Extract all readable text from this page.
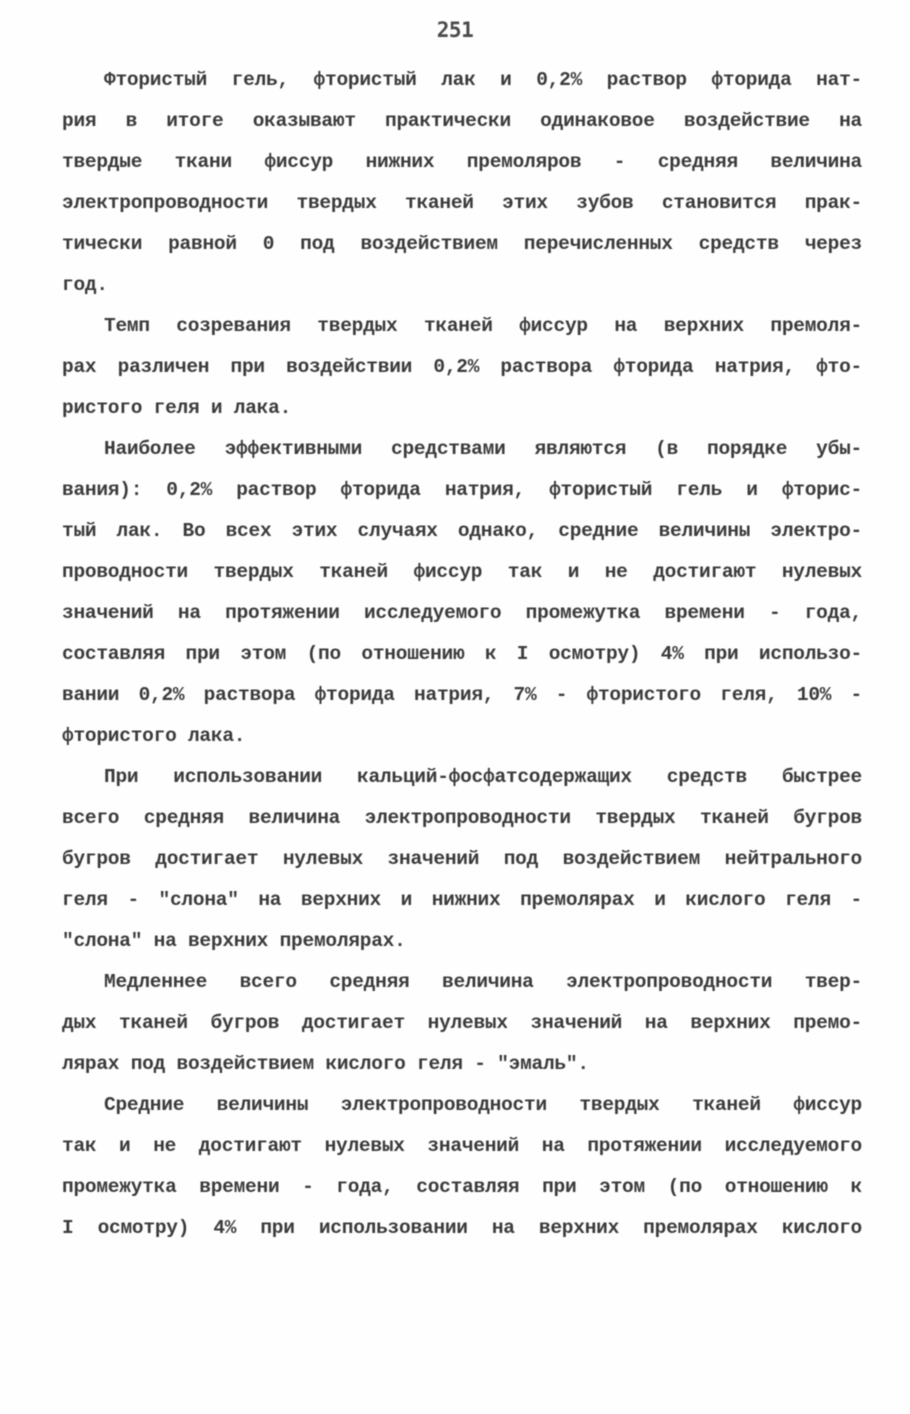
251
Фтористый гель, фтористый лак и 0,2% раствор фторида нат-
рия в итоге оказывают практически одинаковое воздействие на
твердые ткани фиссур нижних премоляров - средняя величина
электропроводности твердых тканей этих зубов становится прак-
тически равной 0 под воздействием перечисленных средств через
год.
Темп созревания твердых тканей фиссур на верхних премоля-
рах различен при воздействии 0,2% раствора фторида натрия, фто-
ристого геля и лака.
Наиболее эффективными средствами являются (в порядке убы-
вания): 0,2% раствор фторида натрия, фтористый гель и фторис-
тый лак. Во всех этих случаях однако, средние величины электро-
проводности твердых тканей фиссур так и не достигают нулевых
значений на протяжении исследуемого промежутка времени - года,
составляя при этом (по отношению к I осмотру) 4% при использо-
вании 0,2% раствора фторида натрия, 7% - фтористого геля, 10% -
фтористого лака.
При использовании кальций-фосфатсодержащих средств быстрее
всего средняя величина электропроводности твердых тканей бугров
бугров достигает нулевых значений под воздействием нейтрального
геля - "слона" на верхних и нижних премолярах и кислого геля -
"слона" на верхних премолярах.
Медленнее всего средняя величина электропроводности твер-
дых тканей бугров достигает нулевых значений на верхних премо-
лярах под воздействием кислого геля - "эмаль".
Средние величины электропроводности твердых тканей фиссур
так и не достигают нулевых значений на протяжении исследуемого
промежутка времени - года, составляя при этом (по отношению к
I осмотру) 4% при использовании на верхних премолярах кислого
